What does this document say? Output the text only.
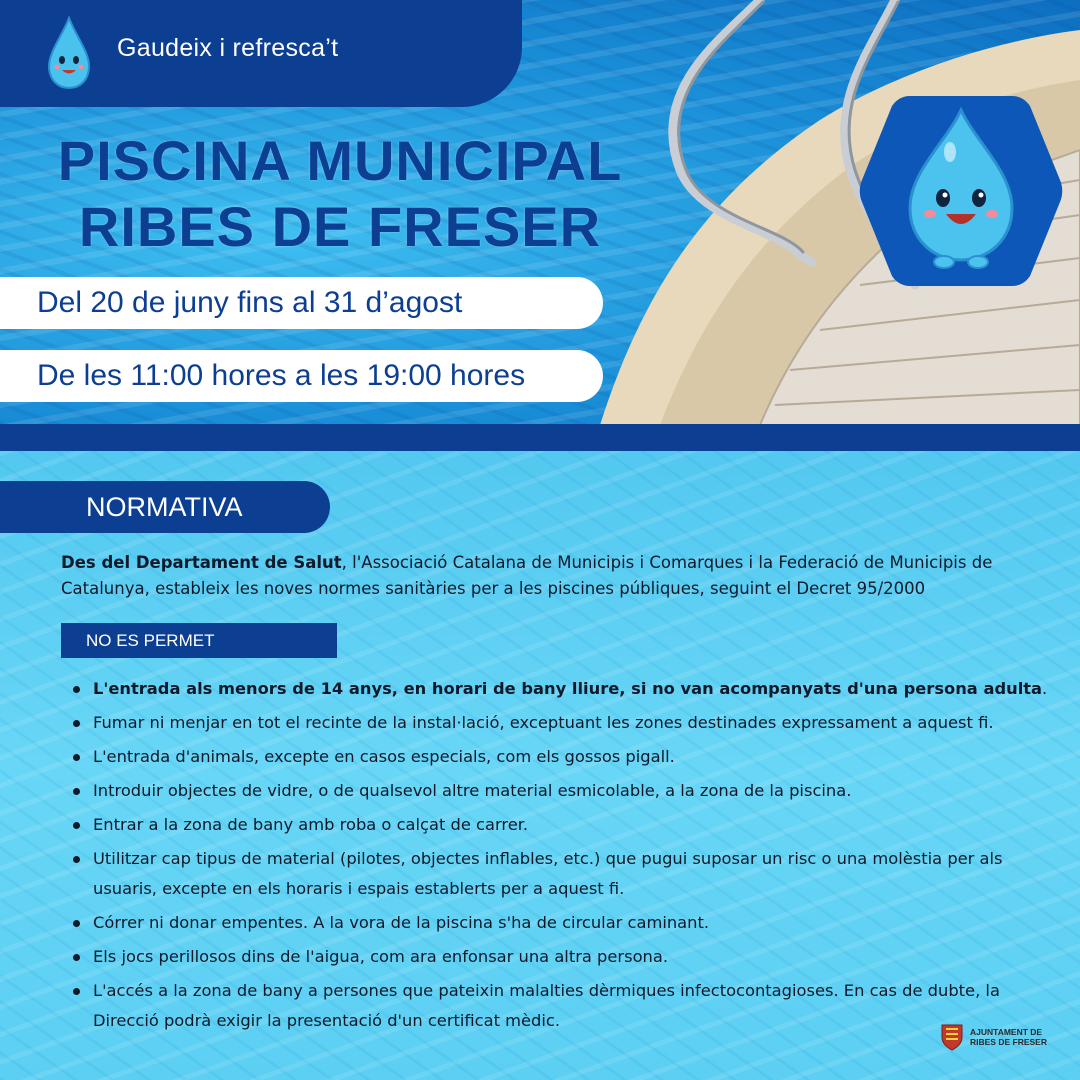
Gaudeix i refresca’t
PISCINA MUNICIPAL
RIBES DE FRESER
Del 20 de juny fins al 31 d’agost
De les 11:00 hores a les 19:00 hores
NORMATIVA

Des del Departament de Salut, l'Associació Catalana de Municipis i Comarques i la Federació de Municipis de Catalunya, estableix les noves normes sanitàries per a les piscines públiques, seguint el Decret 95/2000

NO ES PERMET
L'entrada als menors de 14 anys, en horari de bany lliure, si no van acompanyats d'una persona adulta.
Fumar ni menjar en tot el recinte de la instal·lació, exceptuant les zones destinades expressament a aquest fi.
L'entrada d'animals, excepte en casos especials, com els gossos pigall.
Introduir objectes de vidre, o de qualsevol altre material esmicolable, a la zona de la piscina.
Entrar a la zona de bany amb roba o calçat de carrer.
Utilitzar cap tipus de material (pilotes, objectes inflables, etc.) que pugui suposar un risc o una molèstia per als usuaris, excepte en els horaris i espais establerts per a aquest fi.
Córrer ni donar empentes. A la vora de la piscina s'ha de circular caminant.
Els jocs perillosos dins de l'aigua, com ara enfonsar una altra persona.
L'accés a la zona de bany a persones que pateixin malalties dèrmiques infectocontagioses. En cas de dubte, la Direcció podrà exigir la presentació d'un certificat mèdic.
AJUNTAMENT DE
RIBES DE FRESER
